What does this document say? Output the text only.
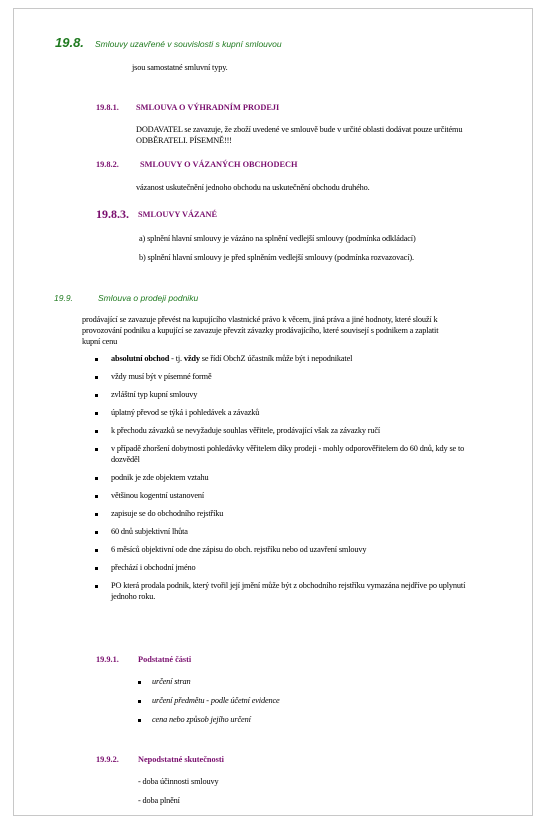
19.8. Smlouvy uzavřené v souvislosti s kupní smlouvou
jsou samostatné smluvní typy.
19.8.1. SMLOUVA O VÝHRADNÍM PRODEJI
DODAVATEL se zavazuje, že zboží uvedené ve smlouvě bude v určité oblasti dodávat pouze určitému
ODBĚRATELI. PÍSEMNĚ!!!
19.8.2.	SMLOUVY O VÁZANÝCH OBCHODECH
vázanost uskutečnění jednoho obchodu na uskutečnění obchodu druhého.
19.8.3. SMLOUVY VÁZANÉ
a) splnění hlavní smlouvy je vázáno na splnění vedlejší smlouvy (podmínka odkládací)
b) splnění hlavní smlouvy je před splněním vedlejší smlouvy (podmínka rozvazovací).
19.9.	Smlouva o prodeji podniku
prodávající se zavazuje převést na kupujícího vlastnické právo k věcem, jiná práva a jiné hodnoty, které slouží k
provozování podniku a kupující se zavazuje převzít závazky prodávajícího, které souvisejí s podnikem a zaplatit
kupní cenu
absolutní obchod - tj. vždy se řídí ObchZ účastník může být i nepodnikatel
vždy musí být v písemné formě
zvláštní typ kupní smlouvy
úplatný převod se týká i pohledávek a závazků
k přechodu závazků se nevyžaduje souhlas věřitele, prodávající však za závazky ručí
v případě zhoršení dobytnosti pohledávky věřitelem díky prodeji - mohly odporověřitelem do 60 dnů, kdy se to
dozvěděl
podnik je zde objektem vztahu
většinou kogentní ustanovení
zapisuje se do obchodního rejstříku
60 dnů subjektivní lhůta
6 měsíců objektivní ode dne zápisu do obch. rejstříku nebo od uzavření smlouvy
přechází i obchodní jméno
PO která prodala podnik, který tvořil její jmění může být z obchodního rejstříku vymazána nejdříve po uplynutí
jednoho roku.
19.9.1. Podstatné části
určení stran
určení předmětu - podle účetní evidence
cena nebo způsob jejího určení
19.9.2. Nepodstatné skutečnosti
- doba účinnosti smlouvy
- doba plnění
